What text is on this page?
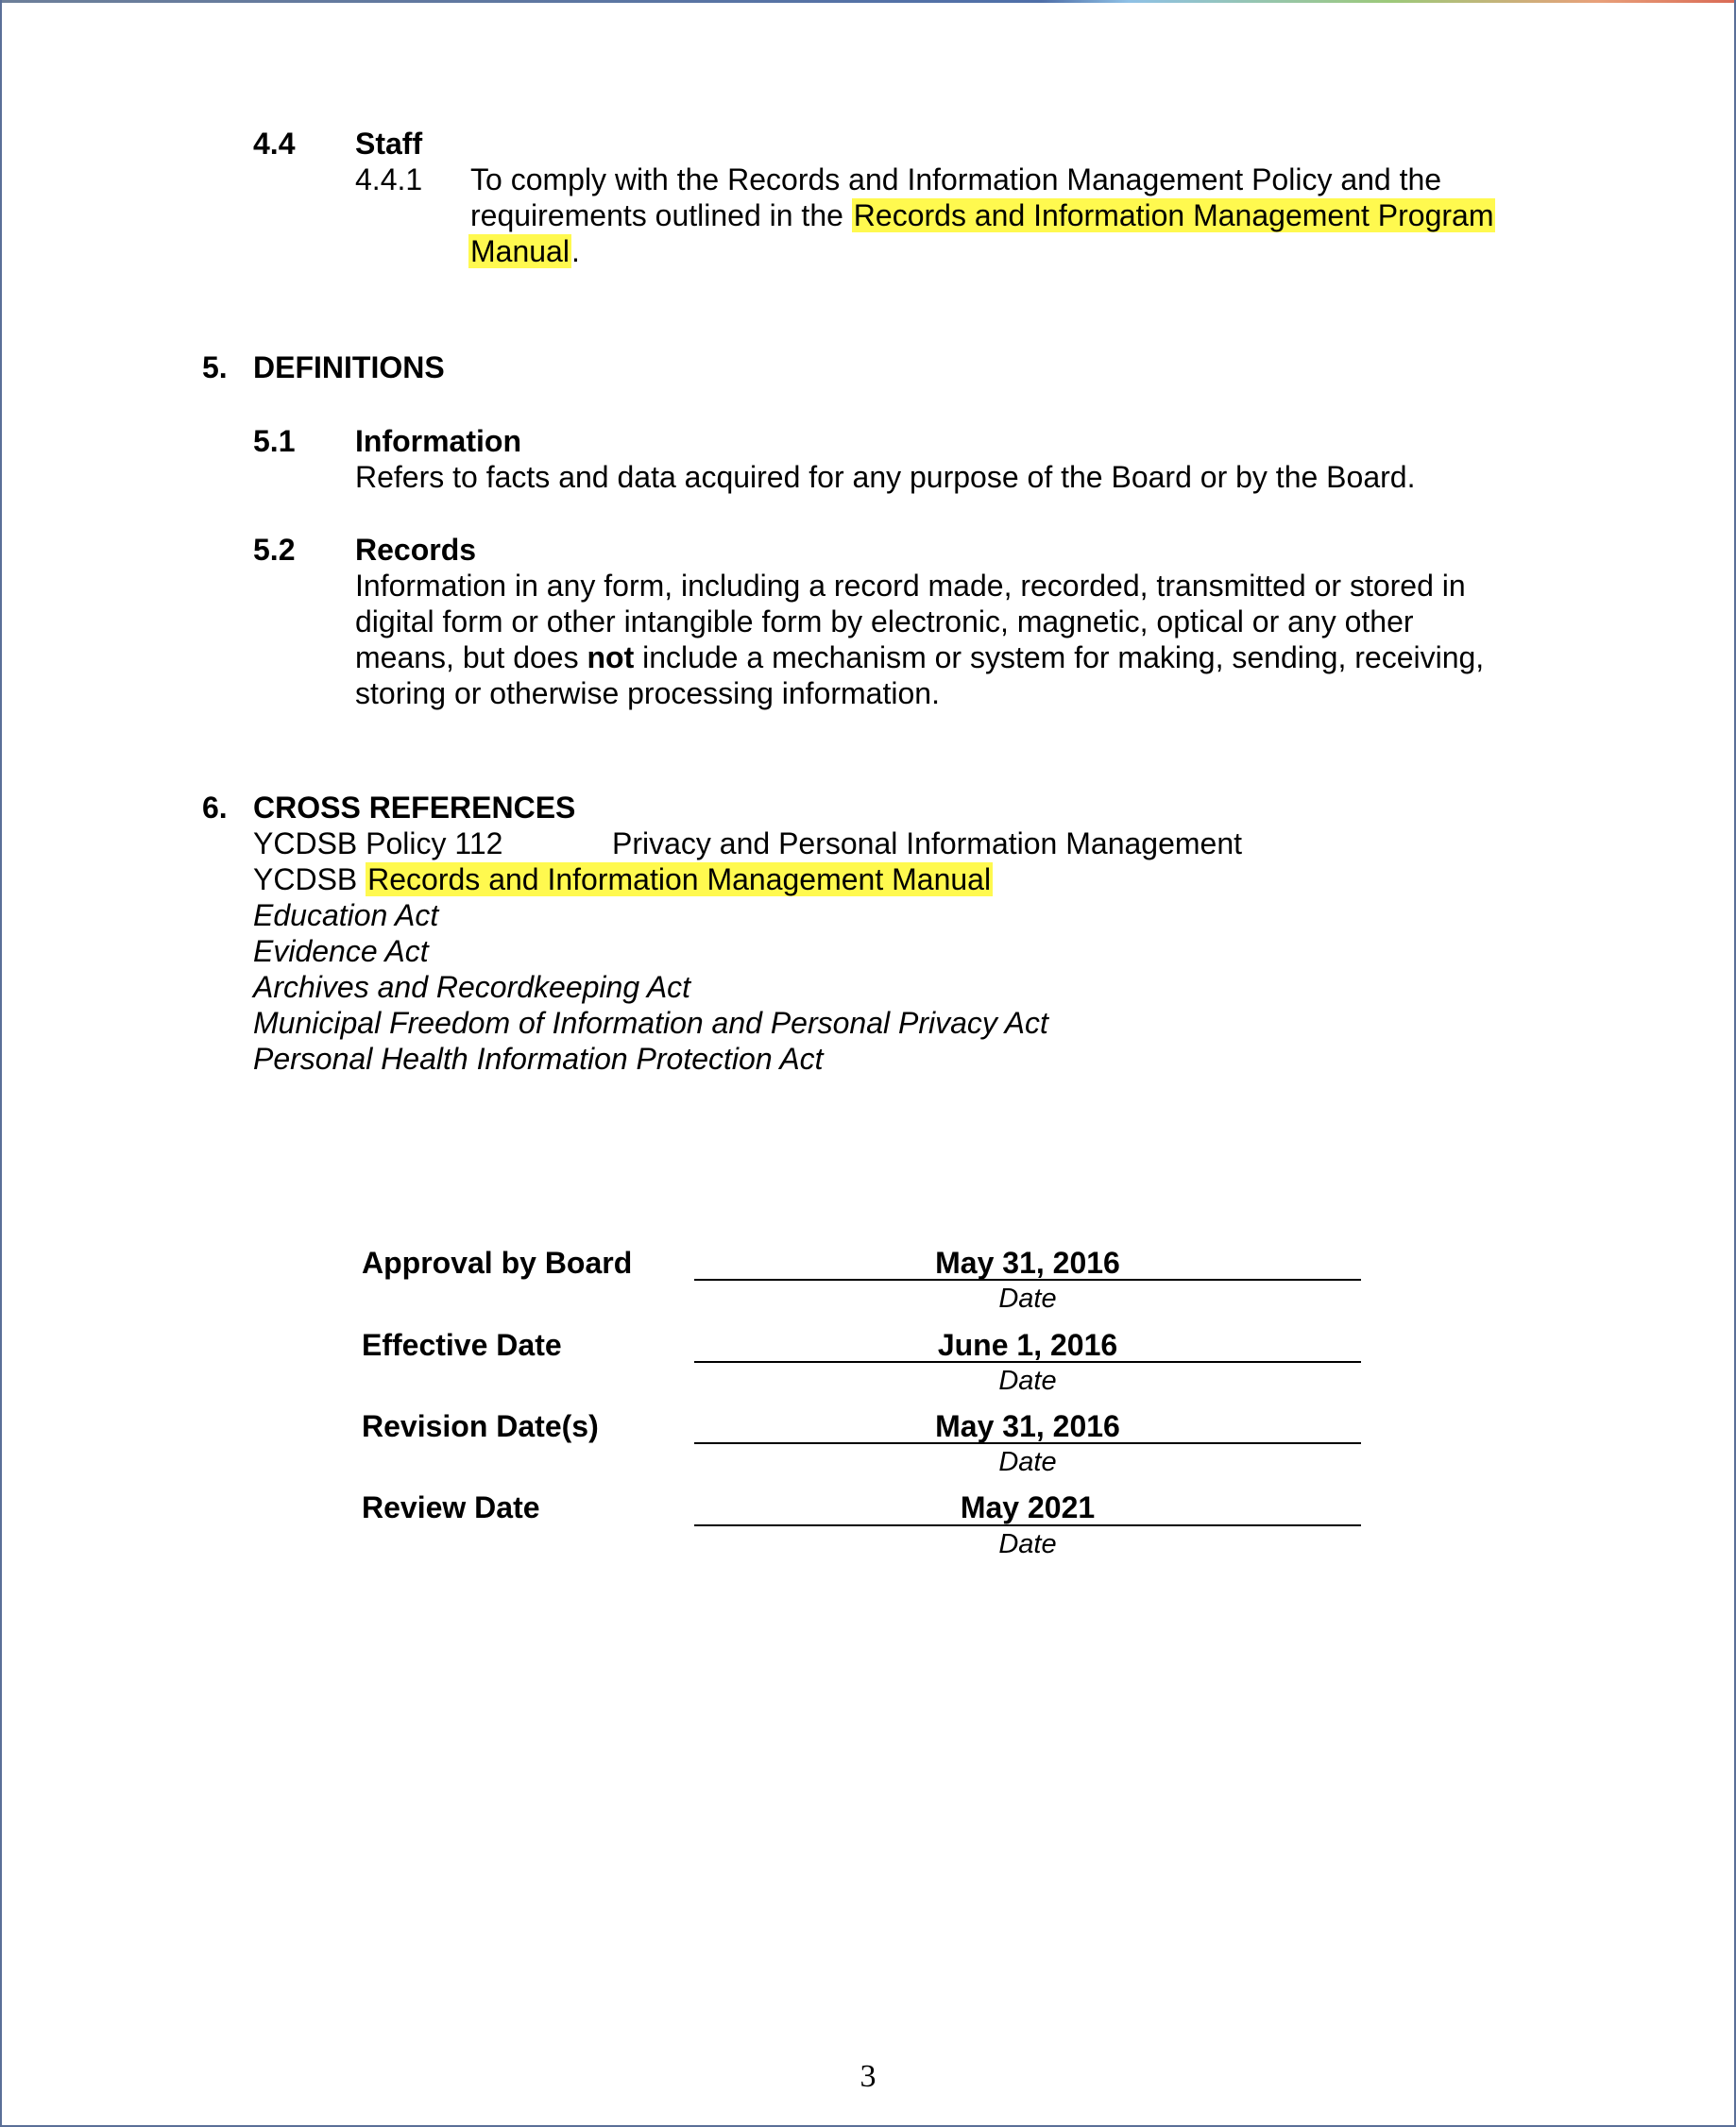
4.4 Staff
4.4.1 To comply with the Records and Information Management Policy and the
requirements outlined in the Records and Information Management Program
Manual.
5. DEFINITIONS
5.1 Information
Refers to facts and data acquired for any purpose of the Board or by the Board.
5.2 Records
Information in any form, including a record made, recorded, transmitted or stored in
digital form or other intangible form by electronic, magnetic, optical or any other
means, but does not include a mechanism or system for making, sending, receiving,
storing or otherwise processing information.
6. CROSS REFERENCES
YCDSB Policy 112	Privacy and Personal Information Management
YCDSB Records and Information Management Manual
Education Act
Evidence Act
Archives and Recordkeeping Act
Municipal Freedom of Information and Personal Privacy Act
Personal Health Information Protection Act
Approval by Board	May 31, 2016
Date
Effective Date	June 1, 2016
Date
Revision Date(s)	May 31, 2016
Date
Review Date	May 2021
Date
3
